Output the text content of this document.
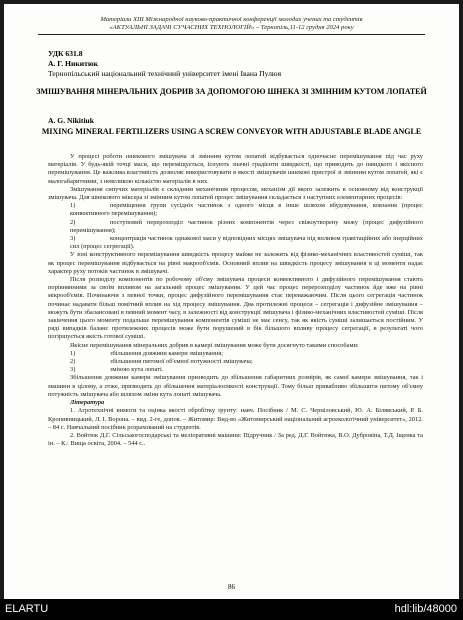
Матеріали XIII Міжнародної науково-практичної конференції молодих учених та студентів
«АКТУАЛЬНІ ЗАДАЧІ СУЧАСНИХ ТЕХНОЛОГІЙ» – Тернопіль,11-12 грудня 2024 року
УДК 631.8
А. Г. Никитюк
Тернопільський національний технічний університет імені Івана Пулюя
ЗМІШУВАННЯ МІНЕРАЛЬНИХ ДОБРИВ ЗА ДОПОМОГОЮ ШНЕКА ЗІ ЗМІННИМ КУТОМ ЛОПАТЕЙ
A. G. Nikitiuk
MIXING MINERAL FERTILIZERS USING A SCREW CONVEYOR WITH ADJUSTABLE BLADE ANGLE

У процесі роботи шнекового змішувача зі змінним кутом лопатей відбувається одночасне перемішування під час руху матеріалів. У будь-якій точці маси, що переміщується, існують значні градієнти швидкості, що приводить до швидкого і якісного перемішування. Це важлива властивість дозволяє використовувати в якості змішувачів шнекові пристрої зі змінним кутом лопатей, які є малогабаритними, з невеликою кількістю матеріалів в них.

Змішування сипучих матеріалів є складним механічним процесом, механізм дії якого залежить в основному від конструкції змішувача. Для шнекового міксера зі змінним кутом лопатей процес змішування складається з наступних елементарних процесів:

1)	переміщення групи сусідніх частинок з одного місця в інше шляхом вбудовування, ковзання (процес конвективного перемішування);

2)	поступовий перерозподіл частинок різних компонентів через свіжоутворену межу (процес дифузійного перемішування);

3)	концентрація частинок однакової маси у відповідних місцях змішувача під впливом гравітаційних або інерційних сил (процес сегрегації).

У зоні конструктивного перемішування швидкість процесу майже не залежить від фізико-механічних властивостей суміші, так як процес перемішування відбувається на рівні макрооб'ємів. Основний вплив на швидкість процесу змішування в ці моменти надає характер руху потоків частинок в змішувачі.

Після розподілу компонентів по робочому об'єму змішувача процеси конвективного і дифузійного перемішування стають порівнянними за своїм впливом на загальний процес змішування. У цей час процес перерозподілу частинок йде вже на рівні мікрооб'ємів. Починаючи з певної точки, процес дифузійного перемішування стає переважаючим. Після цього сегрегація частинок починає надавати більш помітний вплив на хід процесу змішування. Два протилежні процеси – сегрегація і дифузійне змішування – можуть бути збалансовані в певний момент часу, в залежності від конструкції змішувача і фізико-механічних властивостей суміші. Після закінчення цього моменту подальше перемішування компонентів суміші не має сенсу, так як якість суміші залишається постійним. У рядi випадків баланс протилежних процесів може бути порушений в бік більшого впливу процесу сегрегації, в результаті чого погіршується якість готової суміші.

Якісне перемішування мінеральних добрив в камері змішування може бути досягнуто такими способами:

1)	збільшення довжини камери змішування;

2)	збільшення питомої об'ємної потужності змішувача;

3)	зміною кута лопаті.

Збільшення довжини камери змішування призводить до збільшення габаритних розмірів, як самої камери змішування, так і машини в цілому, а отже, призводить до збільшення матеріалоємкості конструкції. Тому більш привабливо збільшити питому об'ємну потужність змішувача або шляхом зміни кута лопаті змішувача.

Література

1. Агротехнічні вимоги та оцінка якості обробітку ґрунту: навч. Посібник / М. С. Черніловський, Ю. А. Білявський, Р. Б. Кропивницький, Л. І. Ворона. – вид. 2-ге, допов. – Житомир: Вид-во «Житомирський національний агроекологічний університет», 2012. – 84 с. Навчальний посібник розрахований на студентів.

2. Войтюк Д.Г. Сільськогосподарські та меліоративні машини: Підручник / За ред. Д.Г. Войтюка, В.О. Дубровіна, Т.Д. Іщенка та ін. – К.: Вища освіта, 2004. – 544 с..

86
ELARTU	hdl:lib/48000
